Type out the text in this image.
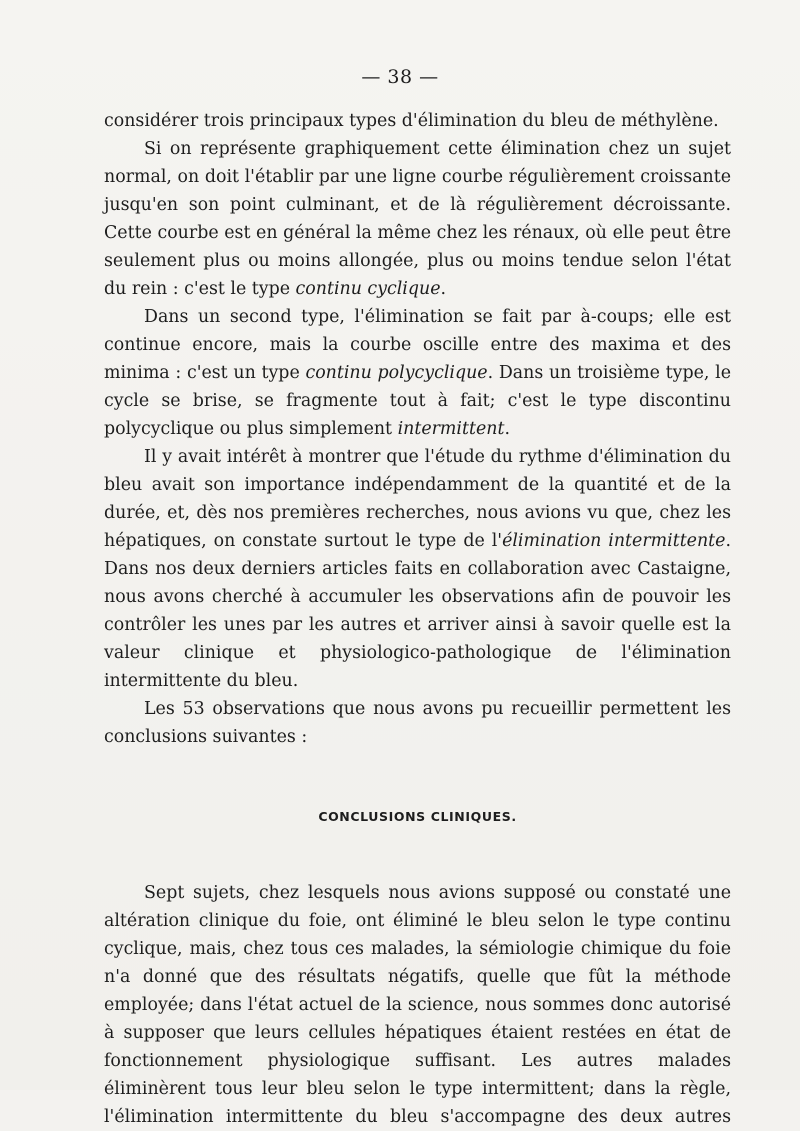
— 38 —

considérer trois principaux types d'élimination du bleu de méthylène.

Si on représente graphiquement cette élimination chez un sujet normal, on doit l'établir par une ligne courbe régulièrement croissante jusqu'en son point culminant, et de là régulièrement décroissante. Cette courbe est en général la même chez les rénaux, où elle peut être seulement plus ou moins allongée, plus ou moins tendue selon l'état du rein : c'est le type continu cyclique.

Dans un second type, l'élimination se fait par à-coups; elle est continue encore, mais la courbe oscille entre des maxima et des minima : c'est un type continu polycyclique. Dans un troisième type, le cycle se brise, se fragmente tout à fait; c'est le type discontinu polycyclique ou plus simplement intermittent.

Il y avait intérêt à montrer que l'étude du rythme d'élimination du bleu avait son importance indépendamment de la quantité et de la durée, et, dès nos premières recherches, nous avions vu que, chez les hépatiques, on constate surtout le type de l'élimination intermittente. Dans nos deux derniers articles faits en collaboration avec Castaigne, nous avons cherché à accumuler les observations afin de pouvoir les contrôler les unes par les autres et arriver ainsi à savoir quelle est la valeur clinique et physiologico-pathologique de l'élimination intermittente du bleu.

Les 53 observations que nous avons pu recueillir permettent les conclusions suivantes :

CONCLUSIONS CLINIQUES.

Sept sujets, chez lesquels nous avions supposé ou constaté une altération clinique du foie, ont éliminé le bleu selon le type continu cyclique, mais, chez tous ces malades, la sémiologie chimique du foie n'a donné que des résultats négatifs, quelle que fût la méthode employée; dans l'état actuel de la science, nous sommes donc autorisé à supposer que leurs cellules hépatiques étaient restées en état de fonctionnement physiologique suffisant. Les autres malades éliminèrent tous leur bleu selon le type intermittent; dans la règle, l'élimination intermittente du bleu s'accompagne des deux autres
